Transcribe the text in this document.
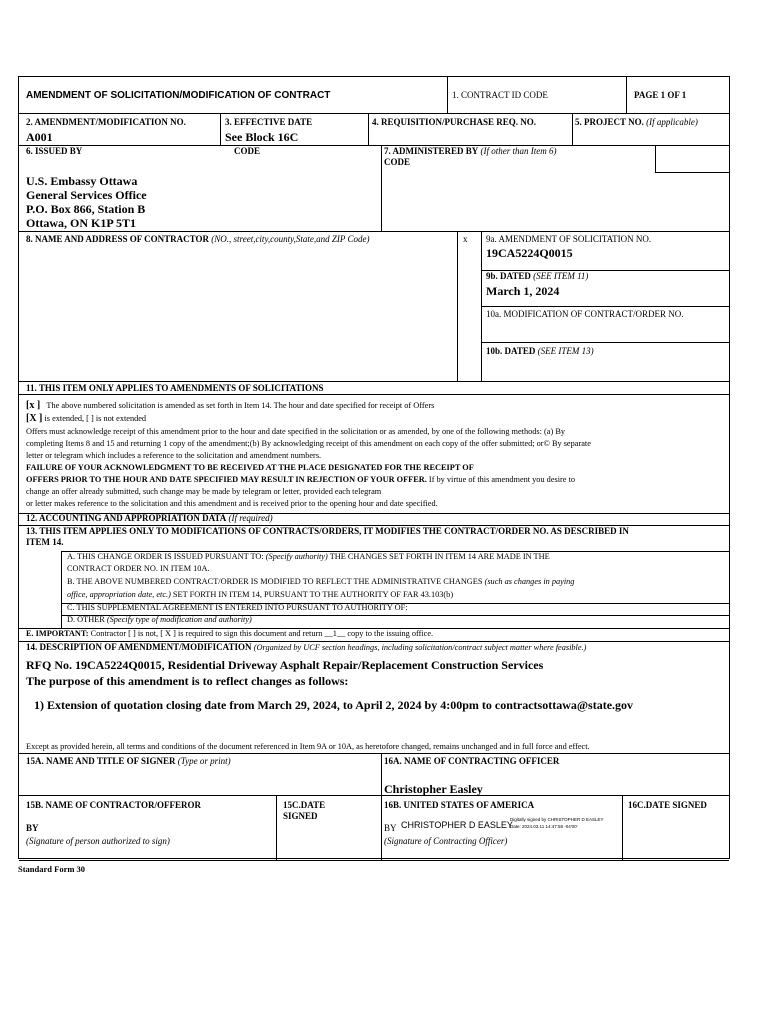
AMENDMENT OF SOLICITATION/MODIFICATION OF CONTRACT	1. CONTRACT ID CODE	PAGE 1 OF 1
2. AMENDMENT/MODIFICATION NO.
A001
3. EFFECTIVE DATE
See Block 16C
4. REQUISITION/PURCHASE REQ. NO.	5. PROJECT NO. (If applicable)
6. ISSUED BY	CODE	7. ADMINISTERED BY (If other than Item 6)
CODE
U.S. Embassy Ottawa
General Services Office
P.O. Box 866, Station B
Ottawa, ON K1P 5T1
8. NAME AND ADDRESS OF CONTRACTOR (NO., street,city,county,State,and ZIP Code)	x 9a. AMENDMENT OF SOLICITATION NO.
19CA5224Q0015
9b. DATED (SEE ITEM 11)
March 1, 2024
10a. MODIFICATION OF CONTRACT/ORDER NO.
10b. DATED (SEE ITEM 13)
11. THIS ITEM ONLY APPLIES TO AMENDMENTS OF SOLICITATIONS
[x ] The above numbered solicitation is amended as set forth in Item 14. The hour and date specified for receipt of Offers
[X ] is extended, [ ] is not extended
Offers must acknowledge receipt of this amendment prior to the hour and date specified in the solicitation or as amended, by one of the following methods: (a) By
completing Items 8 and 15 and returning 1 copy of the amendment;(b) By acknowledging receipt of this amendment on each copy of the offer submitted; or© By separate
letter or telegram which includes a reference to the solicitation and amendment numbers.
FAILURE OF YOUR ACKNOWLEDGMENT TO BE RECEIVED AT THE PLACE DESIGNATED FOR THE RECEIPT OF
OFFERS PRIOR TO THE HOUR AND DATE SPECIFIED MAY RESULT IN REJECTION OF YOUR OFFER. If by virtue of this amendment you desire to
change an offer already submitted, such change may be made by telegram or letter, provided each telegram
or letter makes reference to the solicitation and this amendment and is received prior to the opening hour and date specified.
12. ACCOUNTING AND APPROPRIATION DATA (If required)
13. THIS ITEM APPLIES ONLY TO MODIFICATIONS OF CONTRACTS/ORDERS, IT MODIFIES THE CONTRACT/ORDER NO. AS DESCRIBED IN
ITEM 14.
A. THIS CHANGE ORDER IS ISSUED PURSUANT TO: (Specify authority) THE CHANGES SET FORTH IN ITEM 14 ARE MADE IN THE
CONTRACT ORDER NO. IN ITEM 10A.
B. THE ABOVE NUMBERED CONTRACT/ORDER IS MODIFIED TO REFLECT THE ADMINISTRATIVE CHANGES (such as changes in paying
office, appropriation date, etc.) SET FORTH IN ITEM 14, PURSUANT TO THE AUTHORITY OF FAR 43.103(b)
C. THIS SUPPLEMENTAL AGREEMENT IS ENTERED INTO PURSUANT TO AUTHORITY OF:
D. OTHER (Specify type of modification and authority)
E. IMPORTANT: Contractor [ ] is not, [ X ] is required to sign this document and return __1__ copy to the issuing office.
14. DESCRIPTION OF AMENDMENT/MODIFICATION (Organized by UCF section headings, including solicitation/contract subject matter where feasible.)
RFQ No. 19CA5224Q0015, Residential Driveway Asphalt Repair/Replacement Construction Services
The purpose of this amendment is to reflect changes as follows:
1) Extension of quotation closing date from March 29, 2024, to April 2, 2024 by 4:00pm to contractsottawa@state.gov
Except as provided herein, all terms and conditions of the document referenced in Item 9A or 10A, as heretofore changed, remains unchanged and in full force and effect.
15A. NAME AND TITLE OF SIGNER (Type or print)	16A. NAME OF CONTRACTING OFFICER
Christopher Easley
15B. NAME OF CONTRACTOR/OFFEROR
BY
(Signature of person authorized to sign)
15C.DATE
SIGNED
16B. UNITED STATES OF AMERICA
BY CHRISTOPHER D EASLEY
Digitally signed by CHRISTOPHER D EASLEY
Date: 2024.03.11 14:47:58 -04'00'
(Signature of Contracting Officer)
16C.DATE SIGNED
Standard Form 30
